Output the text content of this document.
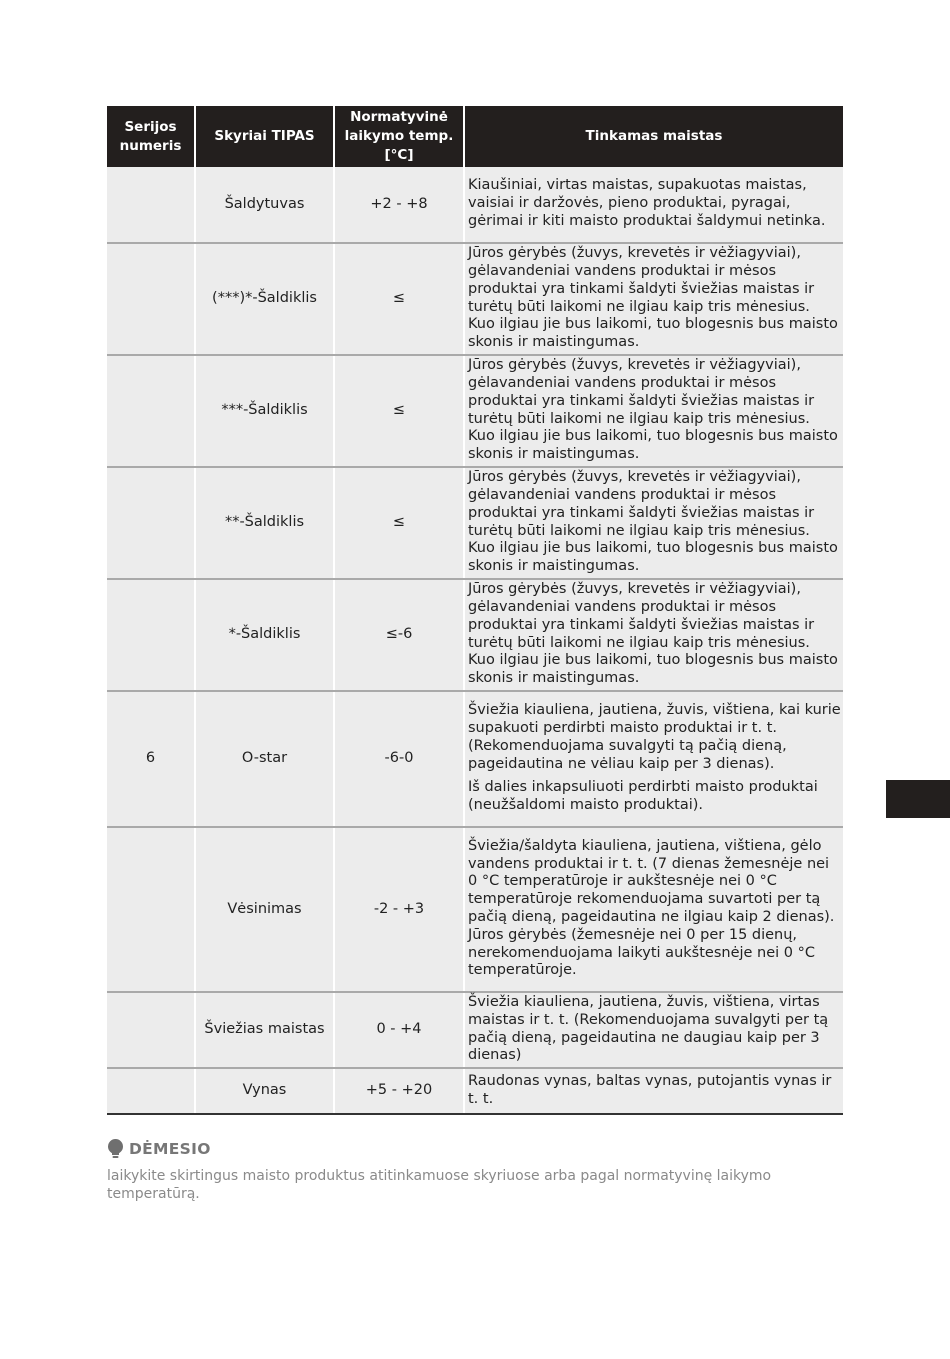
Serijos numeris	Skyriai TIPAS	Normatyvinė laikymo temp. [°C]	Tinkamas maistas
	Šaldytuvas	+2 - +8	Kiaušiniai, virtas maistas, supakuotas maistas, vaisiai ir daržovės, pieno produktai, pyragai, gėrimai ir kiti maisto produktai šaldymui netinka.

	(***)*-Šaldiklis	≤	Jūros gėrybės (žuvys, krevetės ir vėžiagyviai), gėlavandeniai vandens produktai ir mėsos produktai yra tinkami šaldyti šviežias maistas ir turėtų būti laikomi ne ilgiau kaip tris mėnesius. Kuo ilgiau jie bus laikomi, tuo blogesnis bus maisto skonis ir maistingumas.

	***-Šaldiklis	≤	Jūros gėrybės (žuvys, krevetės ir vėžiagyviai), gėlavandeniai vandens produktai ir mėsos produktai yra tinkami šaldyti šviežias maistas ir turėtų būti laikomi ne ilgiau kaip tris mėnesius. Kuo ilgiau jie bus laikomi, tuo blogesnis bus maisto skonis ir maistingumas.

	**-Šaldiklis	≤	Jūros gėrybės (žuvys, krevetės ir vėžiagyviai), gėlavandeniai vandens produktai ir mėsos produktai yra tinkami šaldyti šviežias maistas ir turėtų būti laikomi ne ilgiau kaip tris mėnesius. Kuo ilgiau jie bus laikomi, tuo blogesnis bus maisto skonis ir maistingumas.

	*-Šaldiklis	≤-6	Jūros gėrybės (žuvys, krevetės ir vėžiagyviai), gėlavandeniai vandens produktai ir mėsos produktai yra tinkami šaldyti šviežias maistas ir turėtų būti laikomi ne ilgiau kaip tris mėnesius. Kuo ilgiau jie bus laikomi, tuo blogesnis bus maisto skonis ir maistingumas.

6	O-star	-6-0	Šviežia kiauliena, jautiena, žuvis, vištiena, kai kurie supakuoti perdirbti maisto produktai ir t. t. (Rekomenduojama suvalgyti tą pačią dieną, pageidautina ne vėliau kaip per 3 dienas).
Iš dalies inkapsuliuoti perdirbti maisto produktai (neužšaldomi maisto produktai).

	Vėsinimas	-2 - +3	Šviežia/šaldyta kiauliena, jautiena, vištiena, gėlo vandens produktai ir t. t. (7 dienas žemesnėje nei 0 °C temperatūroje ir aukštesnėje nei 0 °C temperatūroje rekomenduojama suvartoti per tą pačią dieną, pageidautina ne ilgiau kaip 2 dienas). Jūros gėrybės (žemesnėje nei 0 per 15 dienų, nerekomenduojama laikyti aukštesnėje nei 0 °C temperatūroje.

	Šviežias maistas	0 - +4	Šviežia kiauliena, jautiena, žuvis, vištiena, virtas maistas ir t. t. (Rekomenduojama suvalgyti per tą pačią dieną, pageidautina ne daugiau kaip per 3 dienas)

	Vynas	+5 - +20	Raudonas vynas, baltas vynas, putojantis vynas ir t. t.
DĖMESIO
laikykite skirtingus maisto produktus atitinkamuose skyriuose arba pagal normatyvinę laikymo temperatūrą.
